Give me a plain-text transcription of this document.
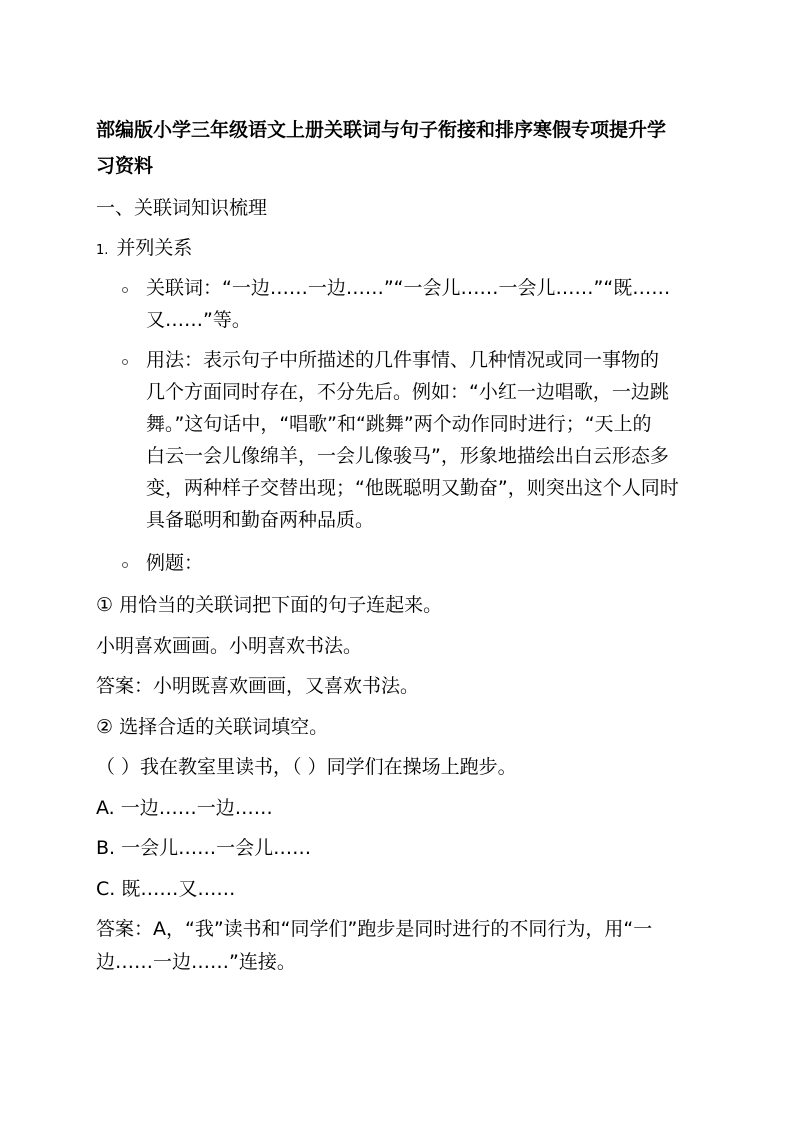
部编版小学三年级语文上册关联词与句子衔接和排序寒假专项提升学
习资料
一、关联词知识梳理
1. 并列关系
关联词：“一边……一边……”“一会儿……一会儿……”“既……
又……”等。
用法：表示句子中所描述的几件事情、几种情况或同一事物的
几个方面同时存在，不分先后。例如：“小红一边唱歌，一边跳
舞。”这句话中，“唱歌”和“跳舞”两个动作同时进行；“天上的
白云一会儿像绵羊，一会儿像骏马”，形象地描绘出白云形态多
变，两种样子交替出现；“他既聪明又勤奋”，则突出这个人同时
具备聪明和勤奋两种品质。
例题：
① 用恰当的关联词把下面的句子连起来。
小明喜欢画画。小明喜欢书法。
答案：小明既喜欢画画，又喜欢书法。
② 选择合适的关联词填空。
（ ）我在教室里读书，（ ）同学们在操场上跑步。
A. 一边……一边……
B. 一会儿……一会儿……
C. 既……又……
答案：A，“我”读书和“同学们”跑步是同时进行的不同行为，用“一
边……一边……”连接。
